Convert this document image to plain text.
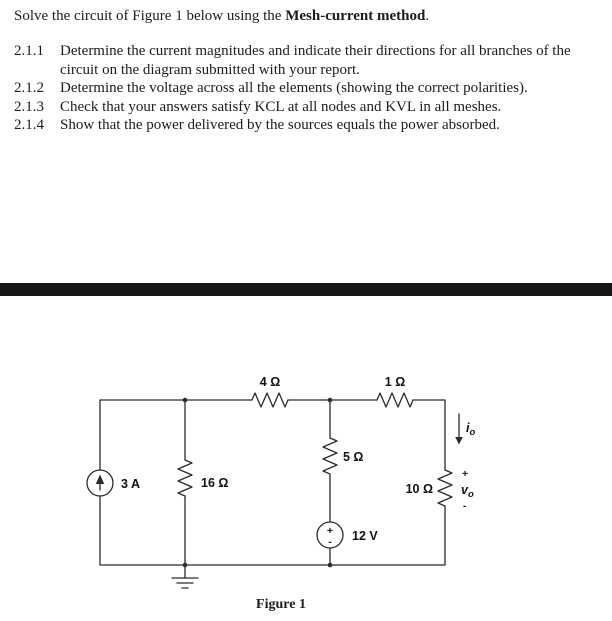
Solve the circuit of Figure 1 below using the Mesh-current method.
2.1.1	Determine the current magnitudes and indicate their directions for all branches of the circuit on the diagram submitted with your report.
2.1.2	Determine the voltage across all the elements (showing the correct polarities).
2.1.3	Check that your answers satisfy KCL at all nodes and KVL in all meshes.
2.1.4	Show that the power delivered by the sources equals the power absorbed.
4 Ω	1 Ω
3 A	16 Ω
5 Ω
12 V
10 Ω
+
-
$i_o$
+
$v_o$
-
Figure 1
